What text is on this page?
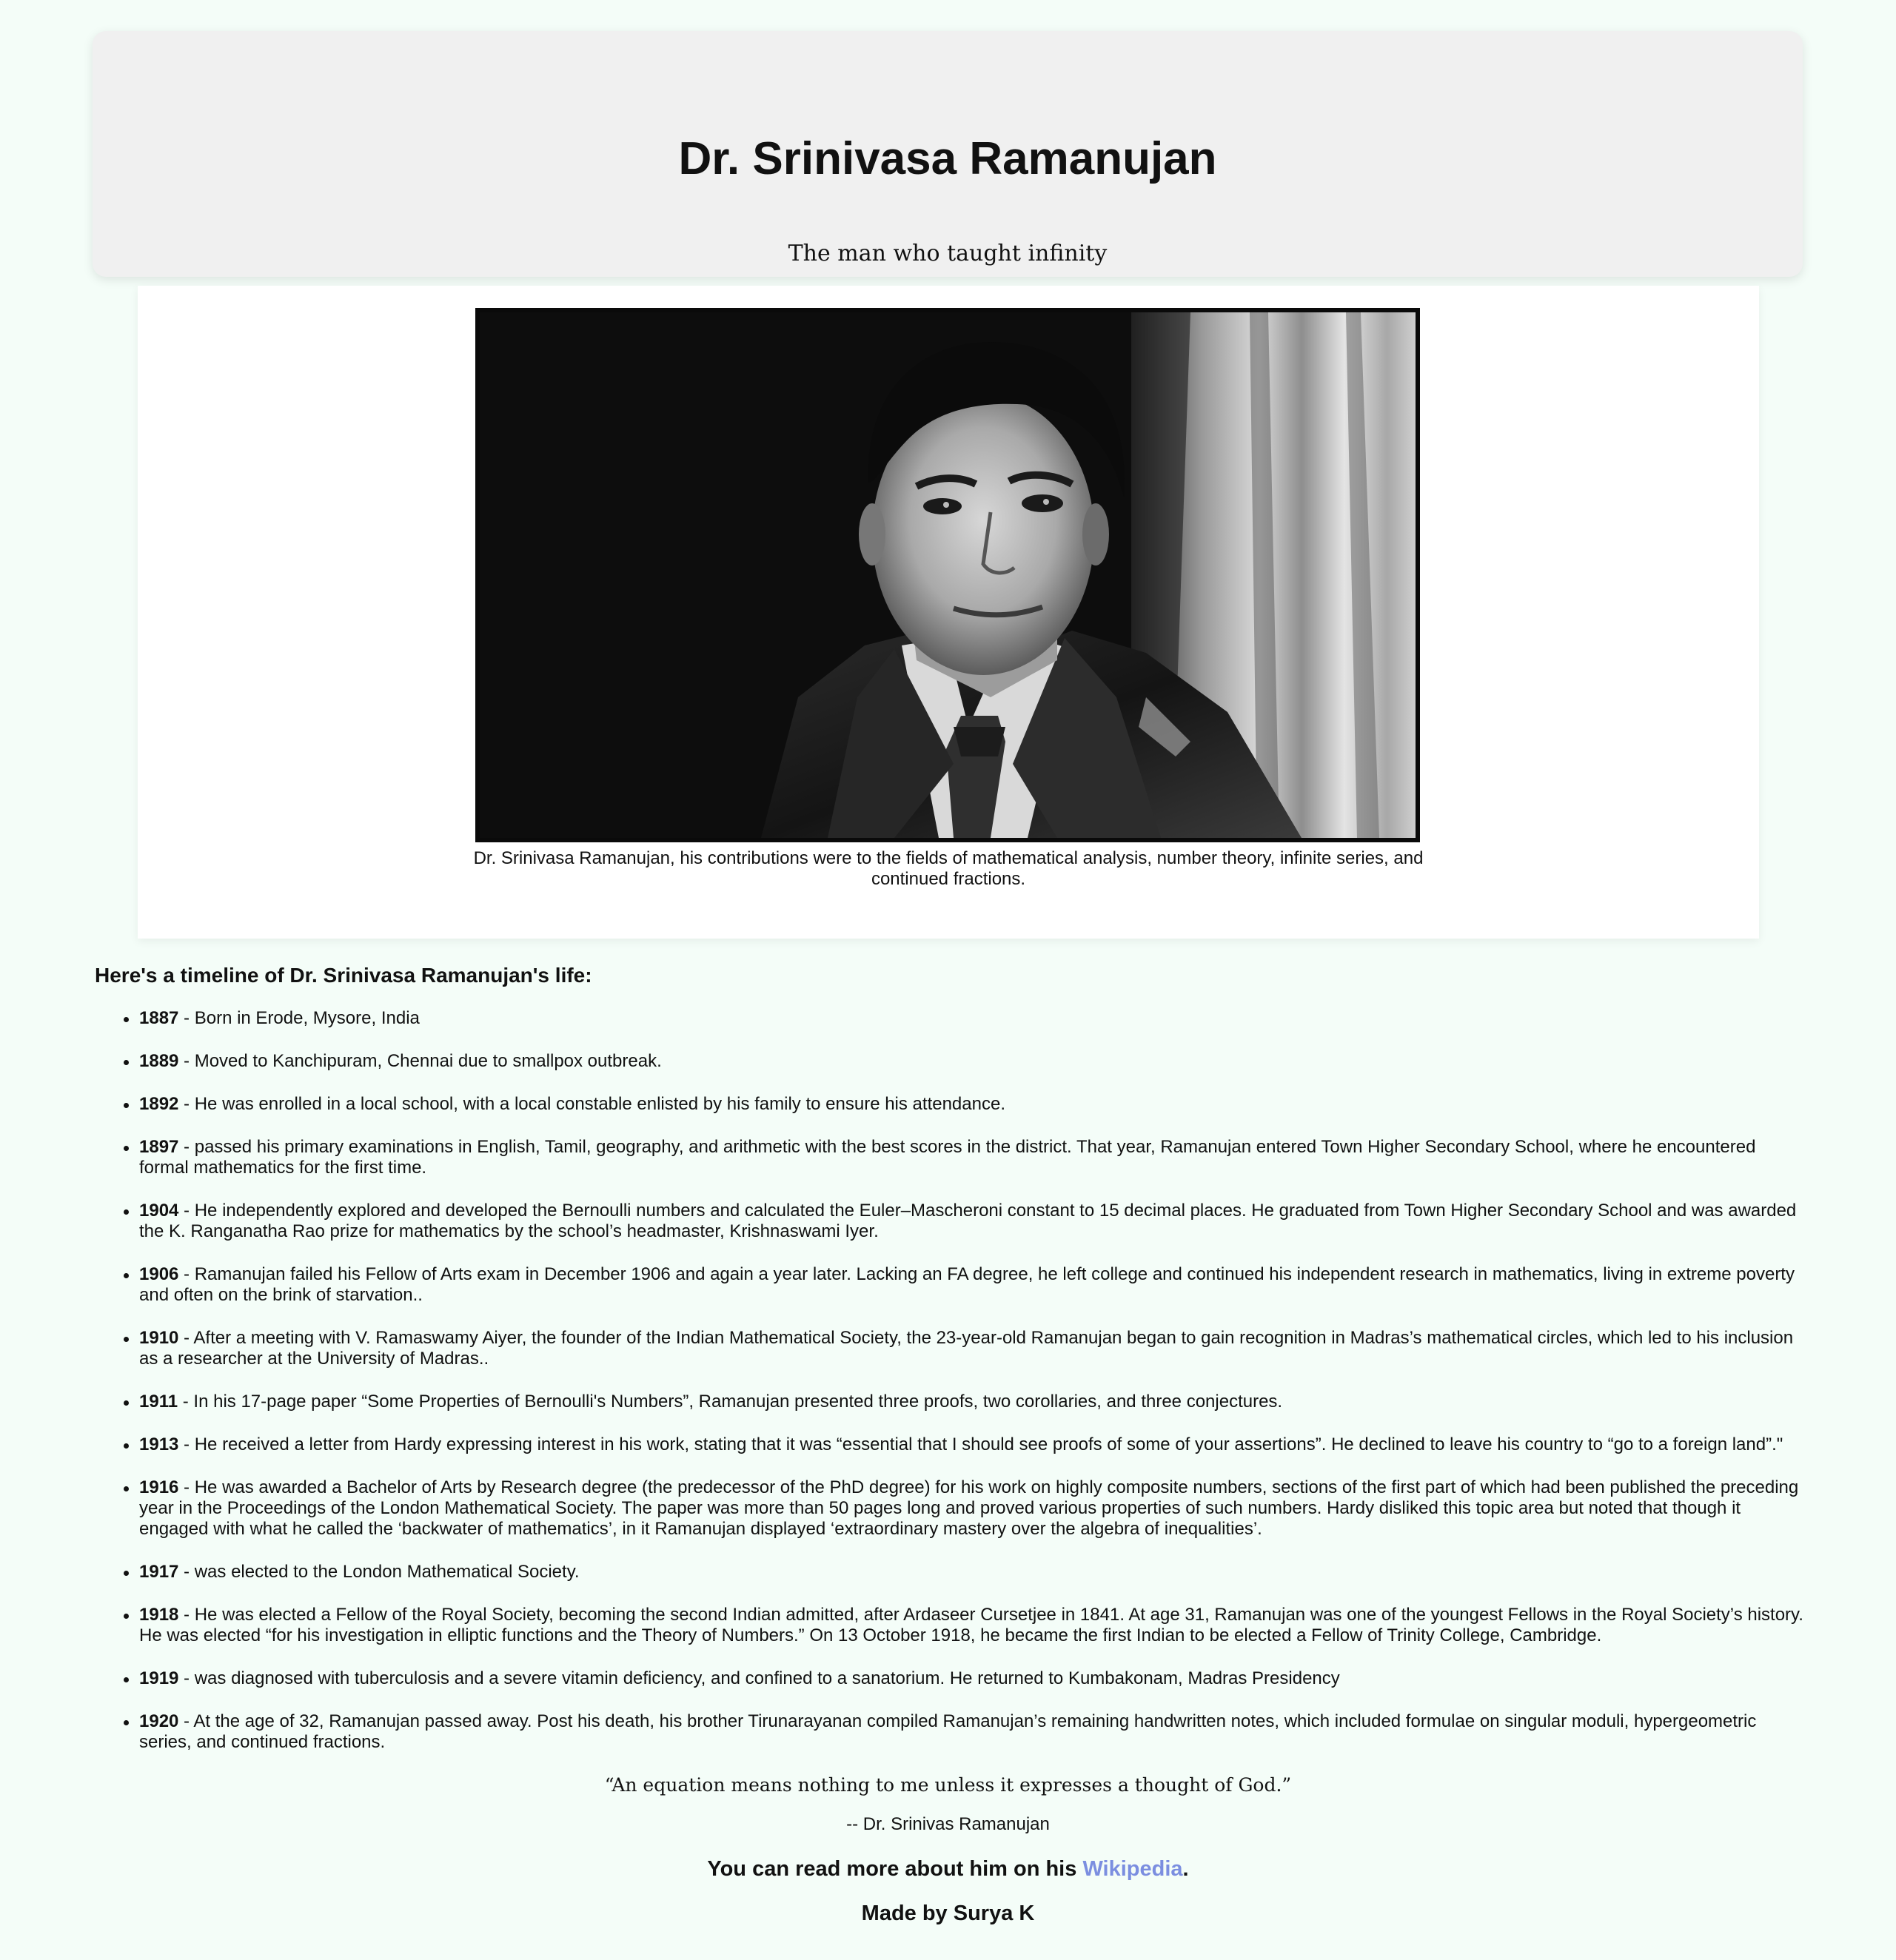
Dr. Srinivasa Ramanujan

The man who taught infinity

Dr. Srinivasa Ramanujan, his contributions were to the fields of mathematical analysis, number theory, infinite series, and continued fractions.
Here's a timeline of Dr. Srinivasa Ramanujan's life:
1887 - Born in Erode, Mysore, India
1889 - Moved to Kanchipuram, Chennai due to smallpox outbreak.
1892 - He was enrolled in a local school, with a local constable enlisted by his family to ensure his attendance.
1897 - passed his primary examinations in English, Tamil, geography, and arithmetic with the best scores in the district. That year, Ramanujan entered Town Higher Secondary School, where he encountered formal mathematics for the first time.
1904 - He independently explored and developed the Bernoulli numbers and calculated the Euler–Mascheroni constant to 15 decimal places. He graduated from Town Higher Secondary School and was awarded the K. Ranganatha Rao prize for mathematics by the school’s headmaster, Krishnaswami Iyer.
1906 - Ramanujan failed his Fellow of Arts exam in December 1906 and again a year later. Lacking an FA degree, he left college and continued his independent research in mathematics, living in extreme poverty and often on the brink of starvation..
1910 - After a meeting with V. Ramaswamy Aiyer, the founder of the Indian Mathematical Society, the 23-year-old Ramanujan began to gain recognition in Madras’s mathematical circles, which led to his inclusion as a researcher at the University of Madras..
1911 - In his 17-page paper “Some Properties of Bernoulli's Numbers”, Ramanujan presented three proofs, two corollaries, and three conjectures.
1913 - He received a letter from Hardy expressing interest in his work, stating that it was “essential that I should see proofs of some of your assertions”. He declined to leave his country to “go to a foreign land”."
1916 - He was awarded a Bachelor of Arts by Research degree (the predecessor of the PhD degree) for his work on highly composite numbers, sections of the first part of which had been published the preceding year in the Proceedings of the London Mathematical Society. The paper was more than 50 pages long and proved various properties of such numbers. Hardy disliked this topic area but noted that though it engaged with what he called the ‘backwater of mathematics’, in it Ramanujan displayed ‘extraordinary mastery over the algebra of inequalities’.
1917 - was elected to the London Mathematical Society.
1918 - He was elected a Fellow of the Royal Society, becoming the second Indian admitted, after Ardaseer Cursetjee in 1841. At age 31, Ramanujan was one of the youngest Fellows in the Royal Society’s history. He was elected “for his investigation in elliptic functions and the Theory of Numbers.” On 13 October 1918, he became the first Indian to be elected a Fellow of Trinity College, Cambridge.
1919 - was diagnosed with tuberculosis and a severe vitamin deficiency, and confined to a sanatorium. He returned to Kumbakonam, Madras Presidency
1920 - At the age of 32, Ramanujan passed away. Post his death, his brother Tirunarayanan compiled Ramanujan’s remaining handwritten notes, which included formulae on singular moduli, hypergeometric series, and continued fractions.

“An equation means nothing to me unless it expresses a thought of God.”

-- Dr. Srinivas Ramanujan

You can read more about him on his Wikipedia.

Made by Surya K
